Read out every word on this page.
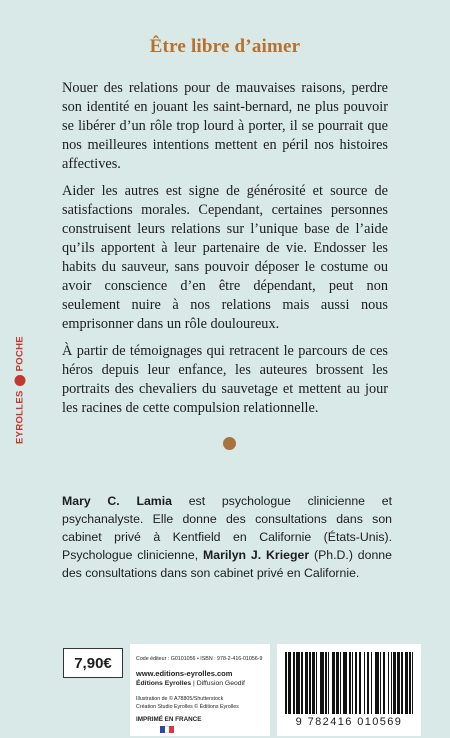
Être libre d’aimer

Nouer des relations pour de mauvaises raisons, perdre son identité en jouant les saint-bernard, ne plus pouvoir se libérer d’un rôle trop lourd à porter, il se pourrait que nos meilleures intentions mettent en péril nos histoires affectives.

Aider les autres est signe de générosité et source de satisfactions morales. Cependant, certaines personnes construisent leurs relations sur l’unique base de l’aide qu’ils apportent à leur partenaire de vie. Endosser les habits du sauveur, sans pouvoir déposer le costume ou avoir conscience d’en être dépendant, peut non seulement nuire à nos relations mais aussi nous emprisonner dans un rôle douloureux.

À partir de témoignages qui retracent le parcours de ces héros depuis leur enfance, les auteures brossent les portraits des chevaliers du sauvetage et mettent au jour les racines de cette compulsion relationnelle.

Mary C. Lamia est psychologue clinicienne et psychanalyste. Elle donne des consultations dans son cabinet privé à Kentfield en Californie (États-Unis). Psychologue clinicienne, Marilyn J. Krieger (Ph.D.) donne des consultations dans son cabinet privé en Californie.
EYROLLES
POCHE
7,90€	Code éditeur : G0101056 • ISBN : 978-2-416-01056-9
www.editions-eyrolles.com
Éditions Eyrolles | Diffusion Geodif
Illustration de © A78805/Shutterstock
Création Studio Eyrolles © Éditions Eyrolles
IMPRIMÉ EN FRANCE	9 782416 010569
